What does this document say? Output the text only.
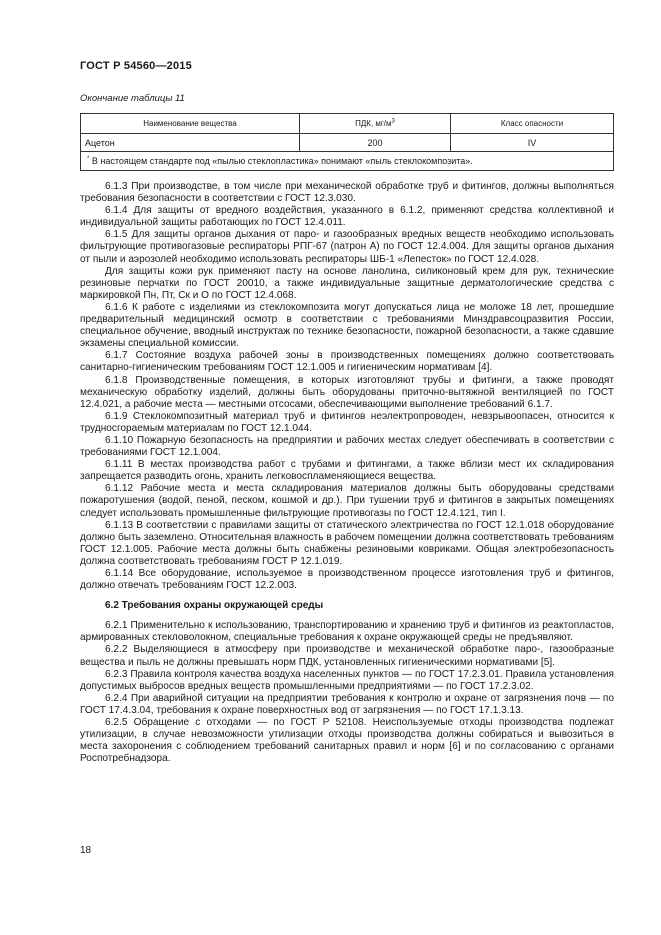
ГОСТ Р 54560—2015
Окончание таблицы 11
Наименование вещества	ПДК, $мг/м^3$	Класс опасности
Ацетон	200	IV
* В настоящем стандарте под «пылью стеклопластика» понимают «пыль стеклокомпозита».		

6.1.3 При производстве, в том числе при механической обработке труб и фитингов, должны выполняться требования безопасности в соответствии с ГОСТ 12.3.030.

6.1.4 Для защиты от вредного воздействия, указанного в 6.1.2, применяют средства коллективной и индивидуальной защиты работающих по ГОСТ 12.4.011.

6.1.5 Для защиты органов дыхания от паро- и газообразных вредных веществ необходимо использовать фильтрующие противогазовые респираторы РПГ-67 (патрон А) по ГОСТ 12.4.004. Для защиты органов дыхания от пыли и аэрозолей необходимо использовать респираторы ШБ-1 «Лепесток» по ГОСТ 12.4.028.

Для защиты кожи рук применяют пасту на основе ланолина, силиконовый крем для рук, технические резиновые перчатки по ГОСТ 20010, а также индивидуальные защитные дерматологические средства с маркировкой Пн, Пт, Ск и О по ГОСТ 12.4.068.

6.1.6 К работе с изделиями из стеклокомпозита могут допускаться лица не моложе 18 лет, прошедшие предварительный медицинский осмотр в соответствии с требованиями Минздравсоцразвития России, специальное обучение, вводный инструктаж по технике безопасности, пожарной безопасности, а также сдавшие экзамены специальной комиссии.

6.1.7 Состояние воздуха рабочей зоны в производственных помещениях должно соответствовать санитарно-гигиеническим требованиям ГОСТ 12.1.005 и гигиеническим нормативам [4].

6.1.8 Производственные помещения, в которых изготовляют трубы и фитинги, а также проводят механическую обработку изделий, должны быть оборудованы приточно-вытяжной вентиляцией по ГОСТ 12.4.021, а рабочие места — местными отсосами, обеспечивающими выполнение требований 6.1.7.

6.1.9 Стеклокомпозитный материал труб и фитингов неэлектропроводен, невзрывоопасен, относится к трудносгораемым материалам по ГОСТ 12.1.044.

6.1.10 Пожарную безопасность на предприятии и рабочих местах следует обеспечивать в соответствии с требованиями ГОСТ 12.1.004.

6.1.11 В местах производства работ с трубами и фитингами, а также вблизи мест их складирования запрещается разводить огонь, хранить легковоспламеняющиеся вещества.

6.1.12 Рабочие места и места складирования материалов должны быть оборудованы средствами пожаротушения (водой, пеной, песком, кошмой и др.). При тушении труб и фитингов в закрытых помещениях следует использовать промышленные фильтрующие противогазы по ГОСТ 12.4.121, тип I.

6.1.13 В соответствии с правилами защиты от статического электричества по ГОСТ 12.1.018 оборудование должно быть заземлено. Относительная влажность в рабочем помещении должна соответствовать требованиям ГОСТ 12.1.005. Рабочие места должны быть снабжены резиновыми ковриками. Общая электробезопасность должна соответствовать требованиям ГОСТ Р 12.1.019.

6.1.14 Все оборудование, используемое в производственном процессе изготовления труб и фитингов, должно отвечать требованиям ГОСТ 12.2.003.

6.2 Требования охраны окружающей среды

6.2.1 Применительно к использованию, транспортированию и хранению труб и фитингов из реактопластов, армированных стекловолокном, специальные требования к охране окружающей среды не предъявляют.

6.2.2 Выделяющиеся в атмосферу при производстве и механической обработке паро-, газообразные вещества и пыль не должны превышать норм ПДК, установленных гигиеническими нормативами [5].

6.2.3 Правила контроля качества воздуха населенных пунктов — по ГОСТ 17.2.3.01. Правила установления допустимых выбросов вредных веществ промышленными предприятиями — по ГОСТ 17.2.3.02.

6.2.4 При аварийной ситуации на предприятии требования к контролю и охране от загрязнения почв — по ГОСТ 17.4.3.04, требования к охране поверхностных вод от загрязнения — по ГОСТ 17.1.3.13.

6.2.5 Обращение с отходами — по ГОСТ Р 52108. Неиспользуемые отходы производства подлежат утилизации, в случае невозможности утилизации отходы производства должны собираться и вывозиться в места захоронения с соблюдением требований санитарных правил и норм [6] и по согласованию с органами Роспотребнадзора.

18
